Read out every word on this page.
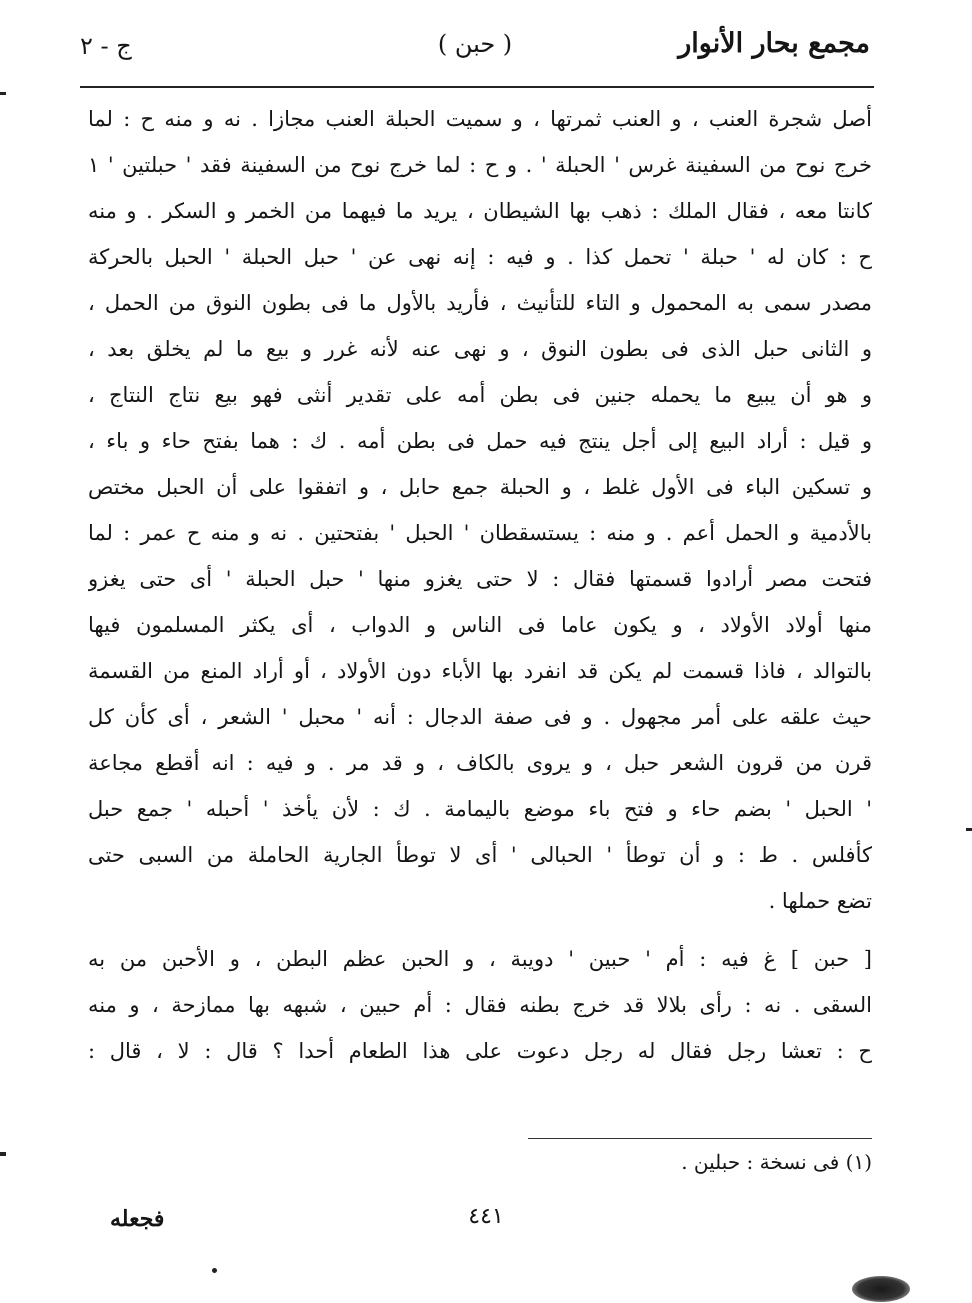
مجمع بحار الأنوار
( حبن )
ج - ٢
أصل شجرة العنب ، و العنب ثمرتها ، و سميت الحبلة العنب مجازا . نه و منه ح : لما
خرج نوح من السفينة غرس ' الحبلة ' . و ح : لما خرج نوح من السفينة فقد ' حبلتين ' ١
كانتا معه ، فقال الملك : ذهب بها الشيطان ، يريد ما فيهما من الخمر و السكر . و منه
ح : كان له ' حبلة ' تحمل كذا . و فيه : إنه نهى عن ' حبل الحبلة ' الحبل بالحركة
مصدر سمى به المحمول و التاء للتأنيث ، فأريد بالأول ما فى بطون النوق من الحمل ،
و الثانى حبل الذى فى بطون النوق ، و نهى عنه لأنه غرر و بيع ما لم يخلق بعد ،
و هو أن يبيع ما يحمله جنين فى بطن أمه على تقدير أنثى فهو بيع نتاج النتاج ،
و قيل : أراد البيع إلى أجل ينتج فيه حمل فى بطن أمه . ك : هما بفتح حاء و باء ،
و تسكين الباء فى الأول غلط ، و الحبلة جمع حابل ، و اتفقوا على أن الحبل مختص
بالأدمية و الحمل أعم . و منه : يستسقطان ' الحبل ' بفتحتين . نه و منه ح عمر : لما
فتحت مصر أرادوا قسمتها فقال : لا حتى يغزو منها ' حبل الحبلة ' أى حتى يغزو
منها أولاد الأولاد ، و يكون عاما فى الناس و الدواب ، أى يكثر المسلمون فيها
بالتوالد ، فاذا قسمت لم يكن قد انفرد بها الأباء دون الأولاد ، أو أراد المنع من القسمة
حيث علقه على أمر مجهول . و فى صفة الدجال : أنه ' محبل ' الشعر ، أى كأن كل
قرن من قرون الشعر حبل ، و يروى بالكاف ، و قد مر . و فيه : انه أقطع مجاعة
' الحبل ' بضم حاء و فتح باء موضع باليمامة . ك : لأن يأخذ ' أحبله ' جمع حبل
كأفلس . ط : و أن توطأ ' الحبالى ' أى لا توطأ الجارية الحاملة من السبى حتى
تضع حملها .
[ حبن ] غ فيه : أم ' حبين ' دويبة ، و الحبن عظم البطن ، و الأحبن من به
السقى . نه : رأى بلالا قد خرج بطنه فقال : أم حبين ، شبهه بها ممازحة ، و منه
ح : تعشا رجل فقال له رجل دعوت على هذا الطعام أحدا ؟ قال : لا ، قال :
(١) فى نسخة : حبلين .
٤٤١
فجعله
